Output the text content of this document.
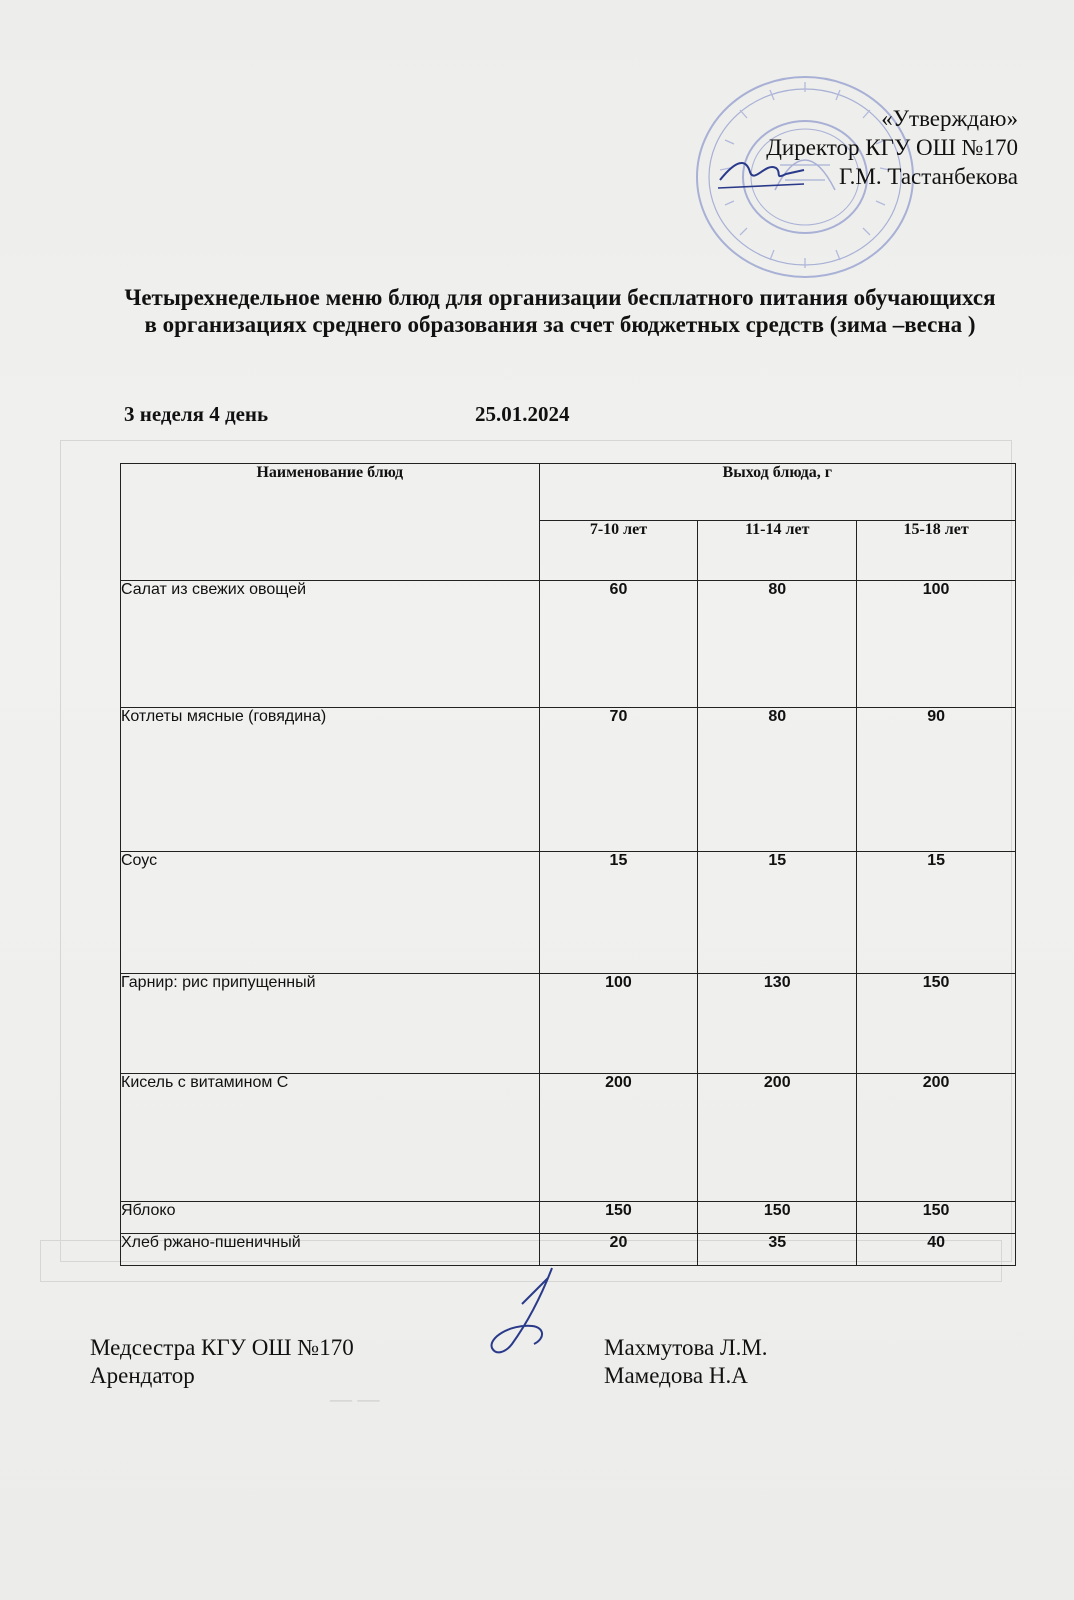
«Утверждаю»
Директор КГУ ОШ №170
Г.М. Тастанбекова
Четырехнедельное меню блюд для организации бесплатного питания обучающихся в организациях среднего образования за счет бюджетных средств (зима –весна )
3 неделя 4 день	25.01.2024
Наименование блюд	Выход блюда, г		
	7-10 лет	11-14 лет	15-18 лет
Салат из свежих овощей	60	80	100
Котлеты мясные (говядина)	70	80	90
Соус	15	15	15
Гарнир: рис припущенный	100	130	150
Кисель с витамином С	200	200	200
Яблоко	150	150	150
Хлеб ржано-пшеничный	20	35	40
Медсестра КГУ ОШ №170
Арендатор
Махмутова Л.М.
Мамедова Н.А
— —
